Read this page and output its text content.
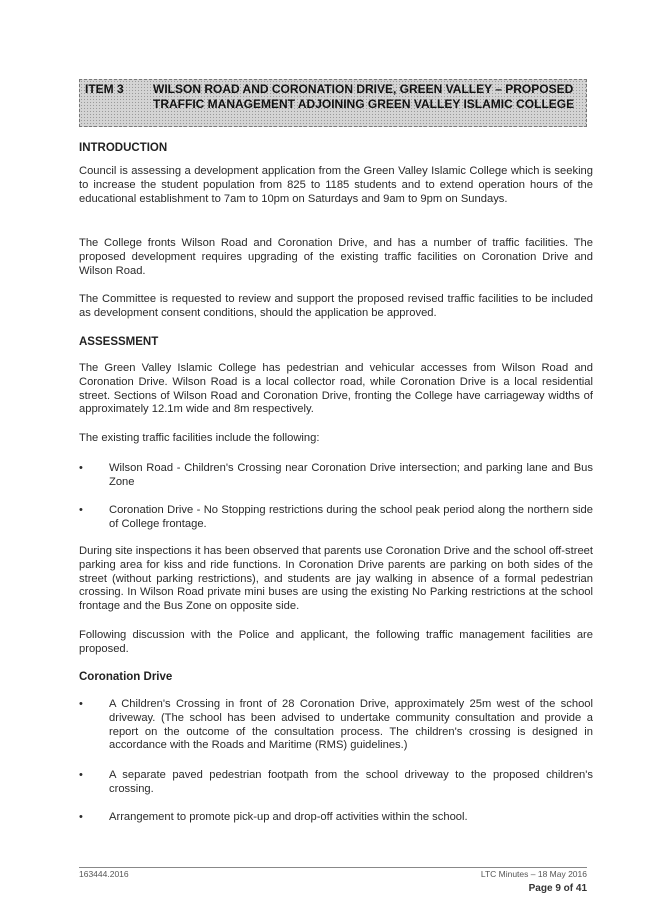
ITEM 3 WILSON ROAD AND CORONATION DRIVE, GREEN VALLEY – PROPOSED TRAFFIC MANAGEMENT ADJOINING GREEN VALLEY ISLAMIC COLLEGE
INTRODUCTION

Council is assessing a development application from the Green Valley Islamic College which is seeking to increase the student population from 825 to 1185 students and to extend operation hours of the educational establishment to 7am to 10pm on Saturdays and 9am to 9pm on Sundays.

The College fronts Wilson Road and Coronation Drive, and has a number of traffic facilities. The proposed development requires upgrading of the existing traffic facilities on Coronation Drive and Wilson Road.

The Committee is requested to review and support the proposed revised traffic facilities to be included as development consent conditions, should the application be approved.

ASSESSMENT

The Green Valley Islamic College has pedestrian and vehicular accesses from Wilson Road and Coronation Drive. Wilson Road is a local collector road, while Coronation Drive is a local residential street. Sections of Wilson Road and Coronation Drive, fronting the College have carriageway widths of approximately 12.1m wide and 8m respectively.

The existing traffic facilities include the following:

• Wilson Road - Children's Crossing near Coronation Drive intersection; and parking lane and Bus Zone
• Coronation Drive - No Stopping restrictions during the school peak period along the northern side of College frontage.

During site inspections it has been observed that parents use Coronation Drive and the school off-street parking area for kiss and ride functions. In Coronation Drive parents are parking on both sides of the street (without parking restrictions), and students are jay walking in absence of a formal pedestrian crossing. In Wilson Road private mini buses are using the existing No Parking restrictions at the school frontage and the Bus Zone on opposite side.

Following discussion with the Police and applicant, the following traffic management facilities are proposed.

Coronation Drive
• A Children's Crossing in front of 28 Coronation Drive, approximately 25m west of the school driveway. (The school has been advised to undertake community consultation and provide a report on the outcome of the consultation process. The children's crossing is designed in accordance with the Roads and Maritime (RMS) guidelines.)
• A separate paved pedestrian footpath from the school driveway to the proposed children's crossing.
• Arrangement to promote pick-up and drop-off activities within the school.
163444.2016	LTC Minutes – 18 May 2016
Page 9 of 41
